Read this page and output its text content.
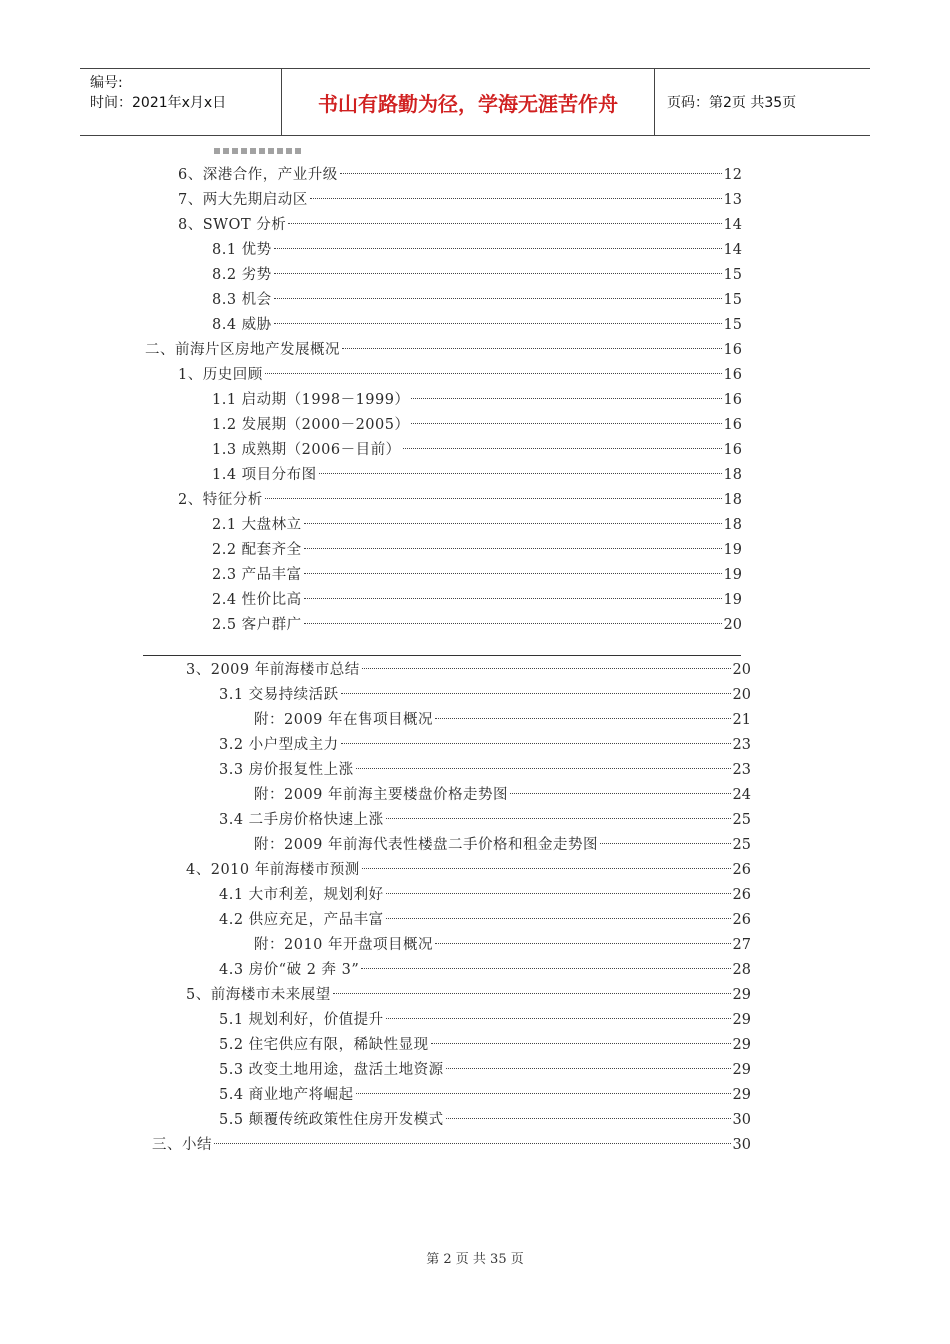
编号:
时间：2021年x月x日	书山有路勤为径，学海无涯苦作舟	页码：第2页 共35页
6、深港合作，产业升级	12
7、两大先期启动区	13
8、SWOT 分析	14
8.1 优势	14
8.2 劣势	15
8.3 机会	15
8.4 威胁	15
二、前海片区房地产发展概况	16
1、历史回顾	16
1.1 启动期（1998－1999）	16
1.2 发展期（2000－2005）	16
1.3 成熟期（2006－目前）	16
1.4 项目分布图	18
2、特征分析	18
2.1 大盘林立	18
2.2 配套齐全	19
2.3 产品丰富	19
2.4 性价比高	19
2.5 客户群广	20
3、2009 年前海楼市总结	20
3.1 交易持续活跃	20
附：2009 年在售项目概况	21
3.2 小户型成主力	23
3.3 房价报复性上涨	23
附：2009 年前海主要楼盘价格走势图	24
3.4 二手房价格快速上涨	25
附：2009 年前海代表性楼盘二手价格和租金走势图	25
4、2010 年前海楼市预测	26
4.1 大市利差，规划利好	26
4.2 供应充足，产品丰富	26
附：2010 年开盘项目概况	27
4.3 房价“破 2 奔 3”	28
5、前海楼市未来展望	29
5.1 规划利好，价值提升	29
5.2 住宅供应有限，稀缺性显现	29
5.3 改变土地用途，盘活土地资源	29
5.4 商业地产将崛起	29
5.5 颠覆传统政策性住房开发模式	30
三、小结	30
第 2 页 共 35 页
